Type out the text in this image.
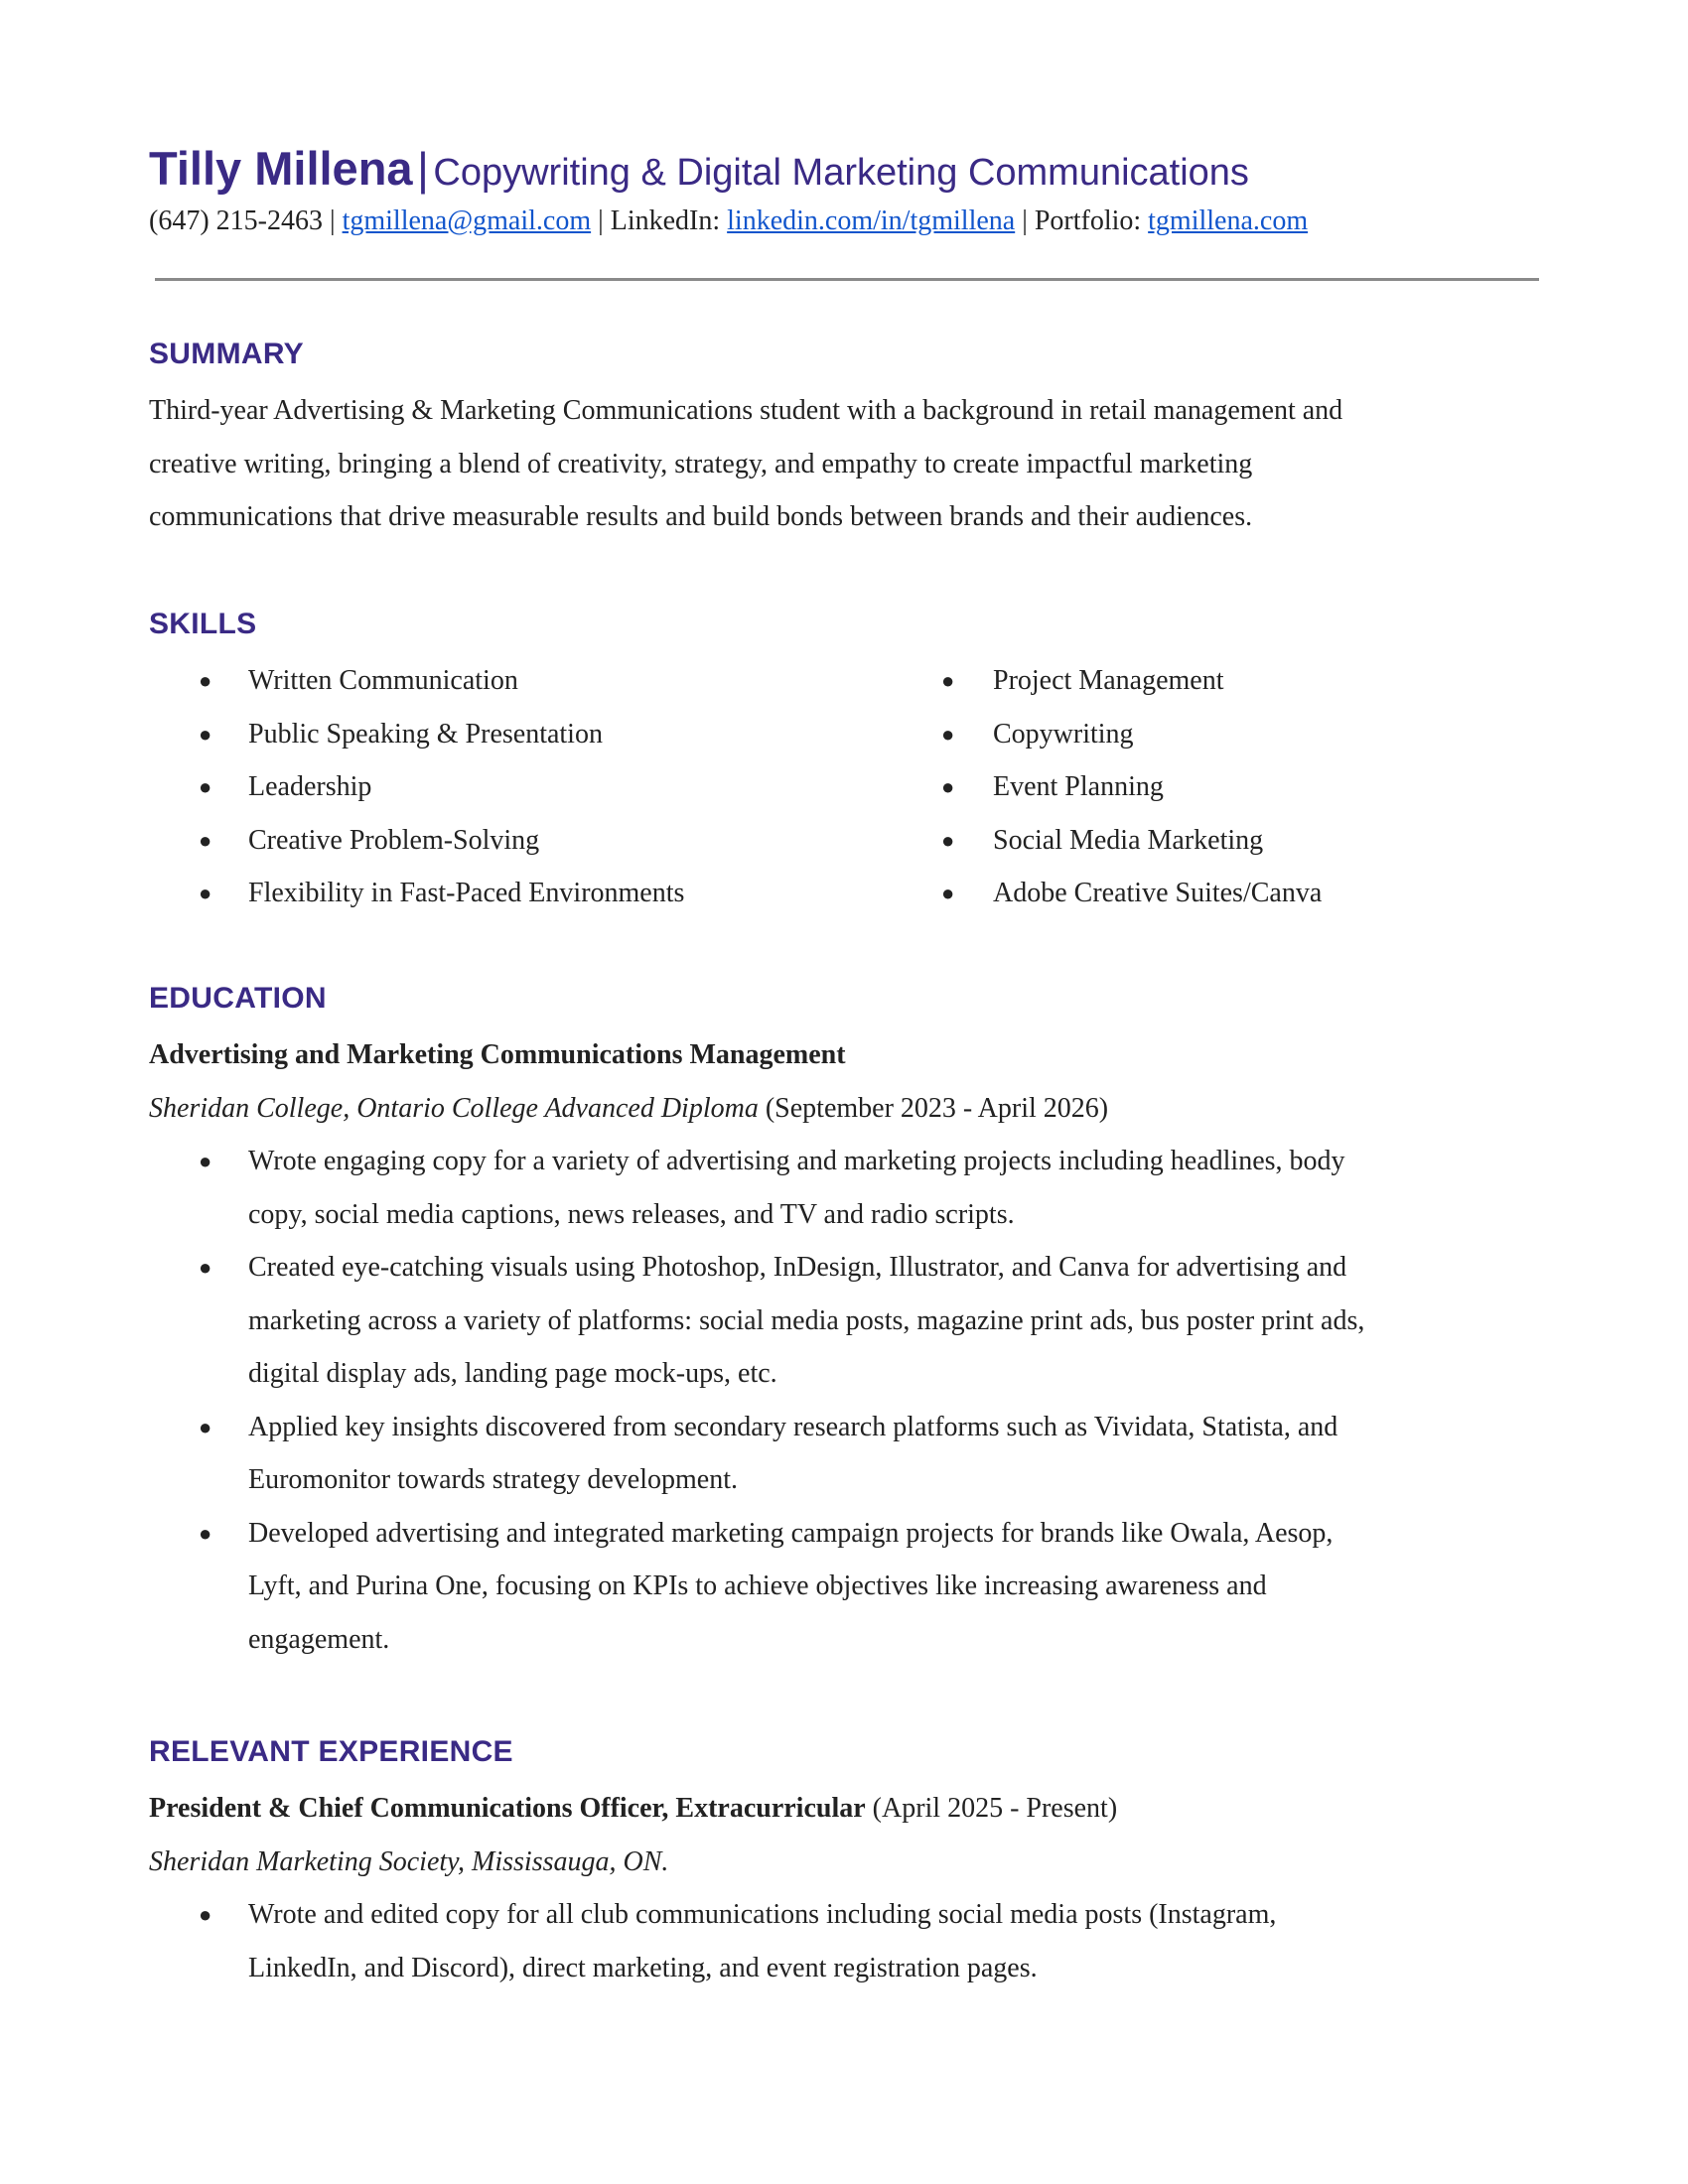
Tilly Millena | Copywriting & Digital Marketing Communications
(647) 215-2463 | tgmillena@gmail.com | LinkedIn: linkedin.com/in/tgmillena | Portfolio: tgmillena.com
SUMMARY
Third-year Advertising & Marketing Communications student with a background in retail management and
creative writing, bringing a blend of creativity, strategy, and empathy to create impactful marketing
communications that drive measurable results and build bonds between brands and their audiences.
SKILLS
● Written Communication
● Public Speaking & Presentation
● Leadership
● Creative Problem-Solving
● Flexibility in Fast-Paced Environments
● Project Management
● Copywriting
● Event Planning
● Social Media Marketing
● Adobe Creative Suites/Canva
EDUCATION
Advertising and Marketing Communications Management
Sheridan College, Ontario College Advanced Diploma (September 2023 - April 2026)
● Wrote engaging copy for a variety of advertising and marketing projects including headlines, body
copy, social media captions, news releases, and TV and radio scripts.
● Created eye-catching visuals using Photoshop, InDesign, Illustrator, and Canva for advertising and
marketing across a variety of platforms: social media posts, magazine print ads, bus poster print ads,
digital display ads, landing page mock-ups, etc.
● Applied key insights discovered from secondary research platforms such as Vividata, Statista, and
Euromonitor towards strategy development.
● Developed advertising and integrated marketing campaign projects for brands like Owala, Aesop,
Lyft, and Purina One, focusing on KPIs to achieve objectives like increasing awareness and
engagement.
RELEVANT EXPERIENCE
President & Chief Communications Officer, Extracurricular (April 2025 - Present)
Sheridan Marketing Society, Mississauga, ON.
● Wrote and edited copy for all club communications including social media posts (Instagram,
LinkedIn, and Discord), direct marketing, and event registration pages.
